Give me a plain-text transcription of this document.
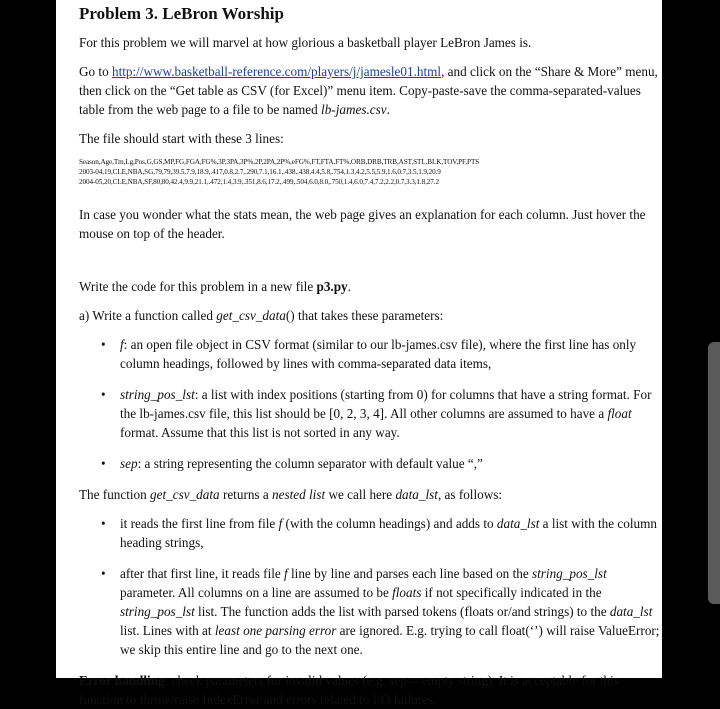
Problem 3. LeBron Worship

For this problem we will marvel at how glorious a basketball player LeBron James is.

Go to http://www.basketball-reference.com/players/j/jamesle01.html, and click on the “Share & More” menu, then click on the “Get table as CSV (for Excel)” menu item. Copy-paste-save the comma-separated-values table from the web page to a file to be named lb-james.csv.

The file should start with these 3 lines:

Season,Age,Tm,Lg,Pos,G,GS,MP,FG,FGA,FG%,3P,3PA,3P%,2P,2PA,2P%,eFG%,FT,FTA,FT%,ORB,DRB,TRB,AST,STL,BLK,TOV,PF,PTS
2003-04,19,CLE,NBA,SG,79,79,39.5,7.9,18.9,.417,0.8,2.7,.290,7.1,16.1,.438,.438,4.4,5.8,.754,1.3,4.2,5.5,5.9,1.6,0.7,3.5,1.9,20.9
2004-05,20,CLE,NBA,SF,80,80,42.4,9.9,21.1,.472,1.4,3.9,.351,8.6,17.2,.499,.504,6.0,8.0,.750,1.4,6.0,7.4,7.2,2.2,0.7,3.3,1.8,27.2

In case you wonder what the stats mean, the web page gives an explanation for each column. Just hover the mouse on top of the header.

Write the code for this problem in a new file p3.py.

a) Write a function called get_csv_data() that takes these parameters:

• f: an open file object in CSV format (similar to our lb-james.csv file), where the first line has only column headings, followed by lines with comma-separated data items,
• string_pos_lst: a list with index positions (starting from 0) for columns that have a string format. For the lb-james.csv file, this list should be [0, 2, 3, 4]. All other columns are assumed to have a float format. Assume that this list is not sorted in any way.
• sep: a string representing the column separator with default value “,”

The function get_csv_data returns a nested list we call here data_lst, as follows:

• it reads the first line from file f (with the column headings) and adds to data_lst a list with the column heading strings,
• after that first line, it reads file f line by line and parses each line based on the string_pos_lst parameter. All columns on a line are assumed to be floats if not specifically indicated in the string_pos_lst list. The function adds the list with parsed tokens (floats or/and strings) to the data_lst list. Lines with at least one parsing error are ignored. E.g. trying to call float(‘’) will raise ValueError; we skip this entire line and go to the next one.

Error handling: check parameters for invalid values (e.g. sep==empty string). It is acceptable for this function to throw/raise IndexError and errors related to I/O failures.
